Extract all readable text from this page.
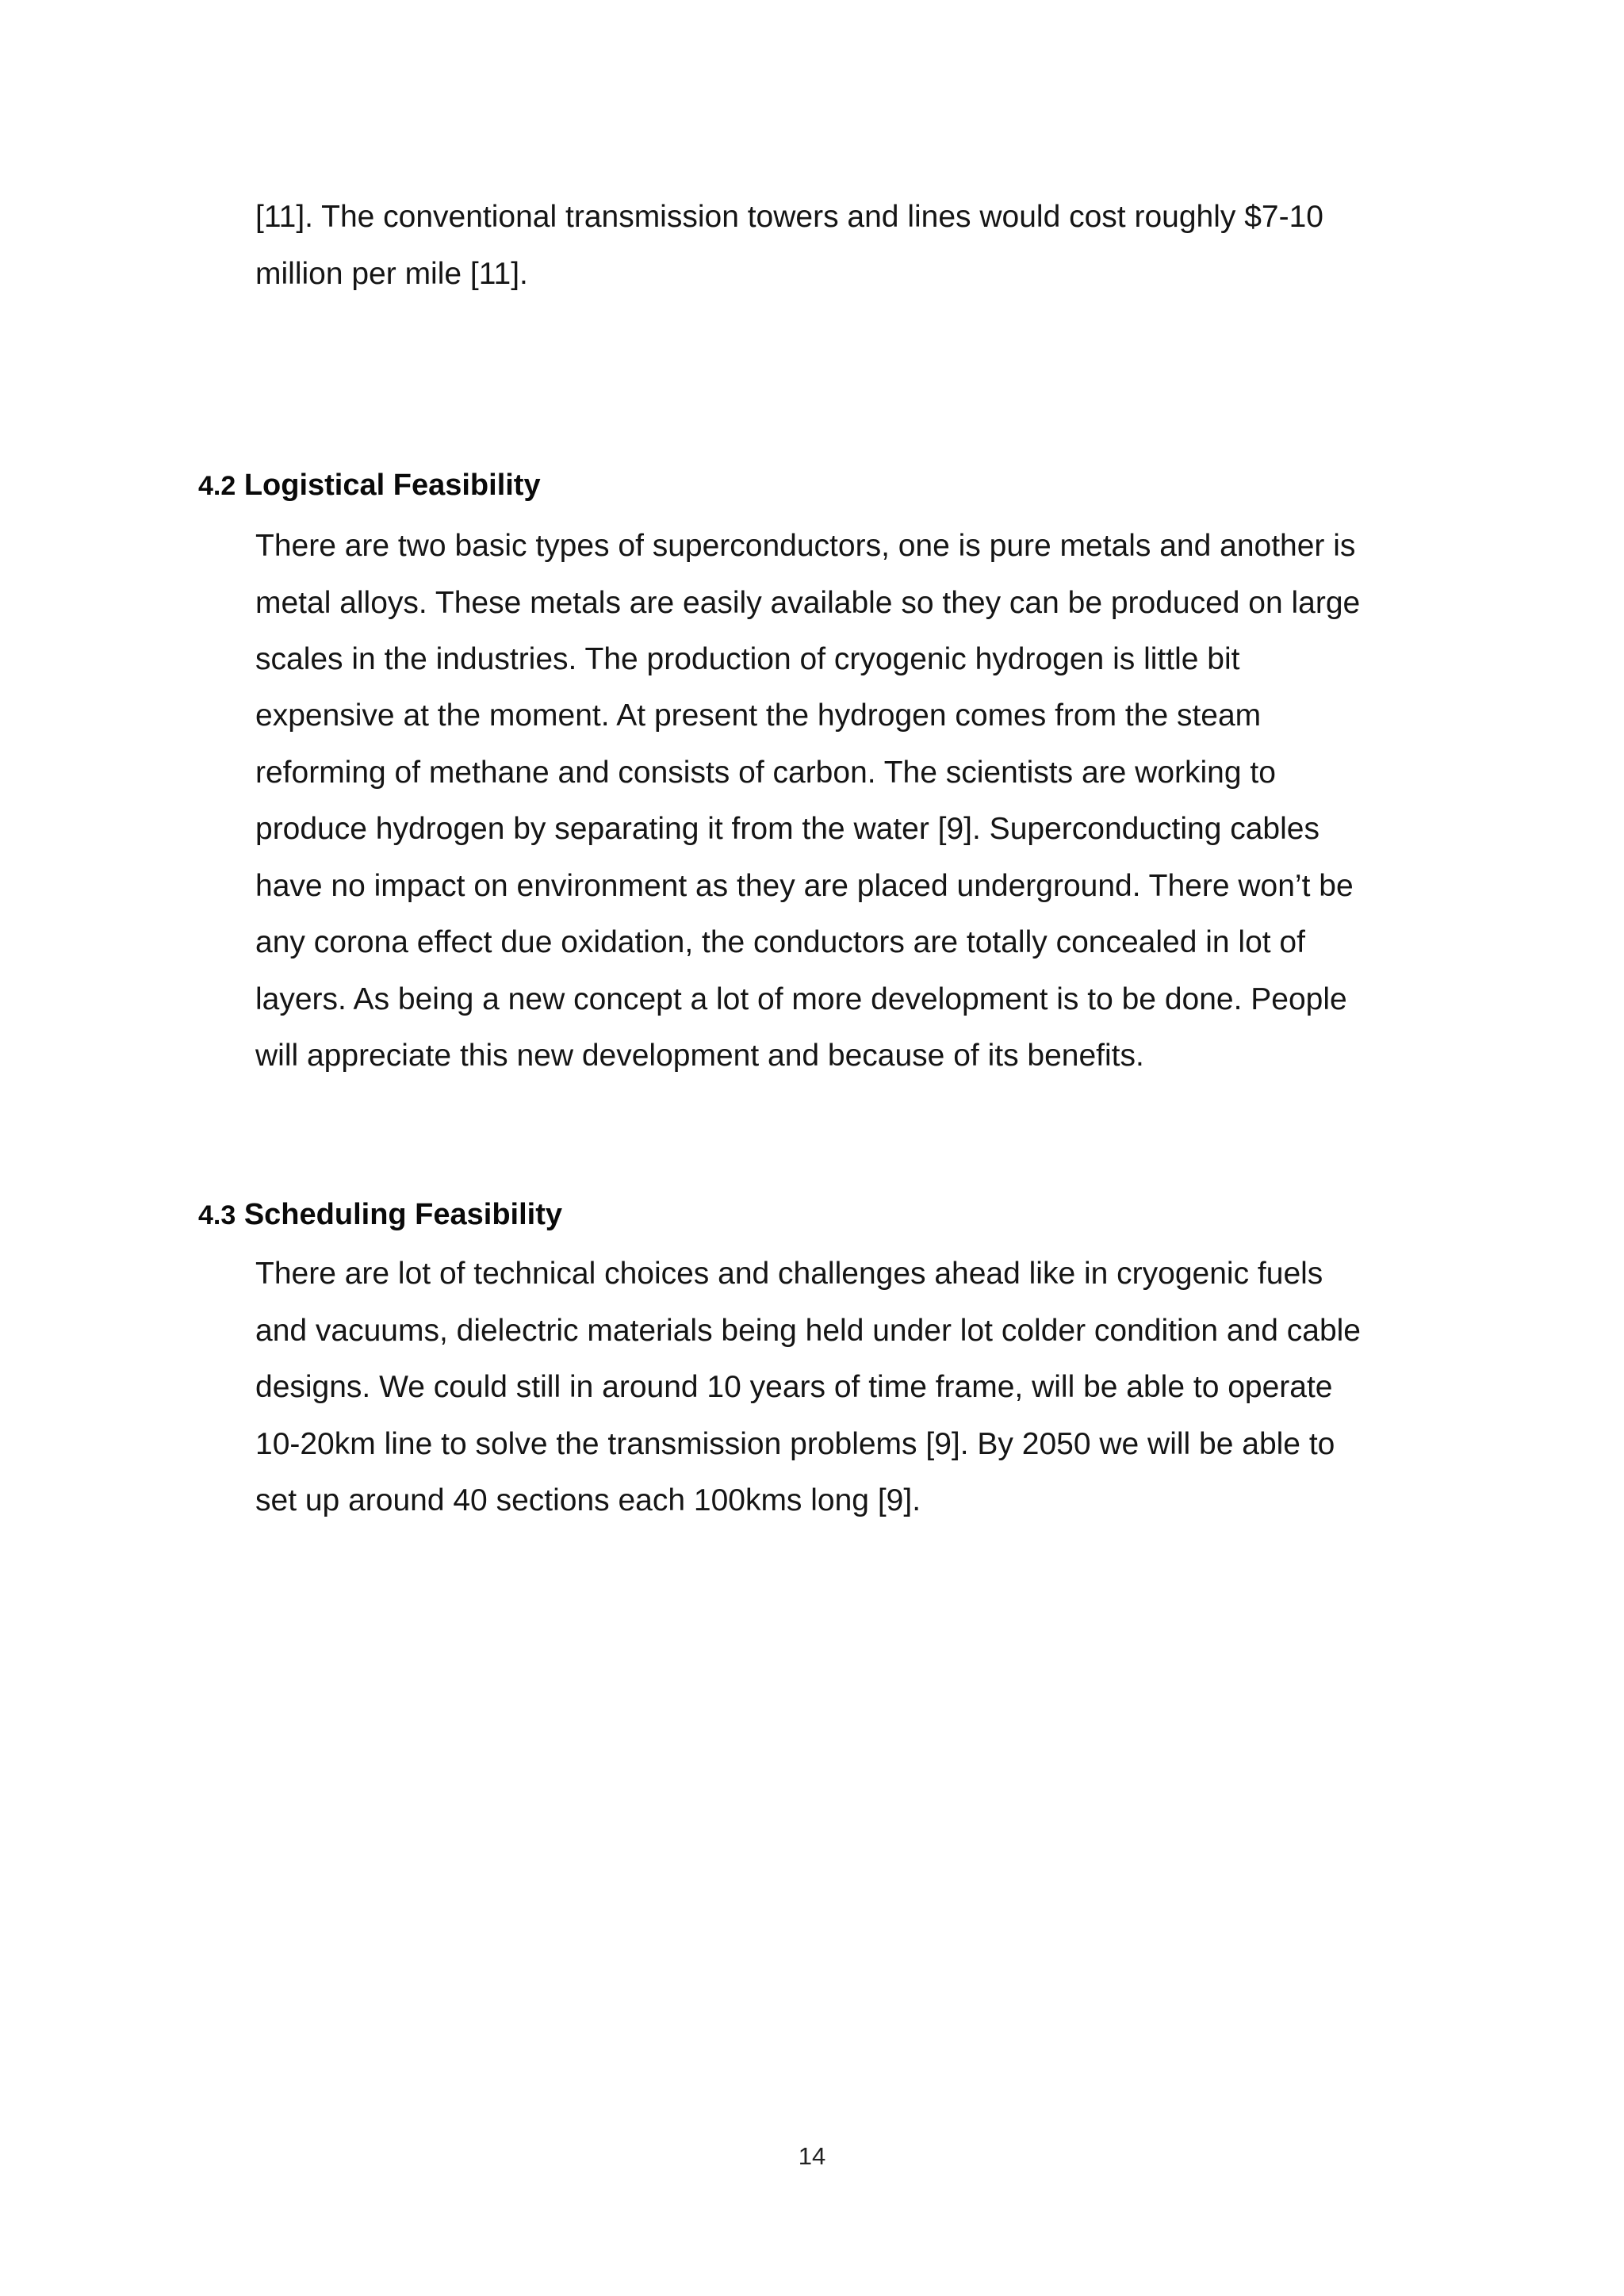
[11]. The conventional transmission towers and lines would cost roughly $7-10
million per mile [11].
4.2 Logistical Feasibility
There are two basic types of superconductors, one is pure metals and another is
metal alloys. These metals are easily available so they can be produced on large
scales in the industries. The production of cryogenic hydrogen is little bit
expensive at the moment. At present the hydrogen comes from the steam
reforming of methane and consists of carbon. The scientists are working to
produce hydrogen by separating it from the water [9]. Superconducting cables
have no impact on environment as they are placed underground. There won’t be
any corona effect due oxidation, the conductors are totally concealed in lot of
layers. As being a new concept a lot of more development is to be done. People
will appreciate this new development and because of its benefits.
4.3 Scheduling Feasibility
There are lot of technical choices and challenges ahead like in cryogenic fuels
and vacuums, dielectric materials being held under lot colder condition and cable
designs. We could still in around 10 years of time frame, will be able to operate
10-20km line to solve the transmission problems [9]. By 2050 we will be able to
set up around 40 sections each 100kms long [9].
14
